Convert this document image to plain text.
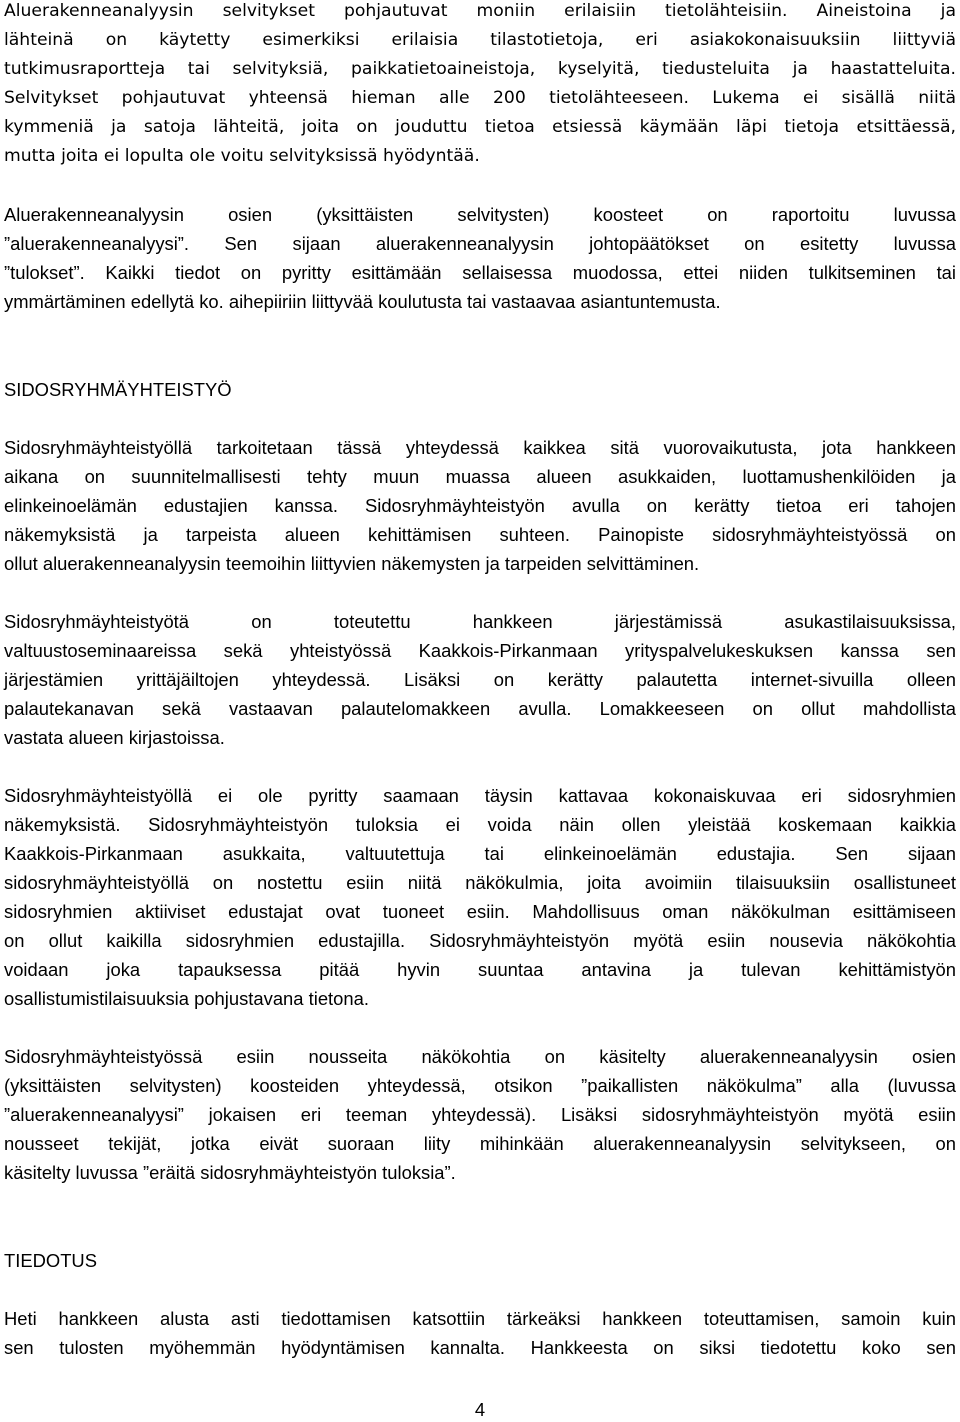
Aluerakenneanalyysin selvitykset pohjautuvat moniin erilaisiin tietolähteisiin. Aineistoina ja
lähteinä on käytetty esimerkiksi erilaisia tilastotietoja, eri asiakokonaisuuksiin liittyviä
tutkimusraportteja tai selvityksiä, paikkatietoaineistoja, kyselyitä, tiedusteluita ja haastatteluita.
Selvitykset pohjautuvat yhteensä hieman alle 200 tietolähteeseen. Lukema ei sisällä niitä
kymmeniä ja satoja lähteitä, joita on jouduttu tietoa etsiessä käymään läpi tietoja etsittäessä,
mutta joita ei lopulta ole voitu selvityksissä hyödyntää.
Aluerakenneanalyysin osien (yksittäisten selvitysten) koosteet on raportoitu luvussa
”aluerakenneanalyysi”. Sen sijaan aluerakenneanalyysin johtopäätökset on esitetty luvussa
”tulokset”. Kaikki tiedot on pyritty esittämään sellaisessa muodossa, ettei niiden tulkitseminen tai
ymmärtäminen edellytä ko. aihepiiriin liittyvää koulutusta tai vastaavaa asiantuntemusta.
SIDOSRYHMÄYHTEISTYÖ
Sidosryhmäyhteistyöllä tarkoitetaan tässä yhteydessä kaikkea sitä vuorovaikutusta, jota hankkeen
aikana on suunnitelmallisesti tehty muun muassa alueen asukkaiden, luottamushenkilöiden ja
elinkeinoelämän edustajien kanssa. Sidosryhmäyhteistyön avulla on kerätty tietoa eri tahojen
näkemyksistä ja tarpeista alueen kehittämisen suhteen. Painopiste sidosryhmäyhteistyössä on
ollut aluerakenneanalyysin teemoihin liittyvien näkemysten ja tarpeiden selvittäminen.
Sidosryhmäyhteistyötä on toteutettu hankkeen järjestämissä asukastilaisuuksissa,
valtuustoseminaareissa sekä yhteistyössä Kaakkois-Pirkanmaan yrityspalvelukeskuksen kanssa sen
järjestämien yrittäjäiltojen yhteydessä. Lisäksi on kerätty palautetta internet-sivuilla olleen
palautekanavan sekä vastaavan palautelomakkeen avulla. Lomakkeeseen on ollut mahdollista
vastata alueen kirjastoissa.
Sidosryhmäyhteistyöllä ei ole pyritty saamaan täysin kattavaa kokonaiskuvaa eri sidosryhmien
näkemyksistä. Sidosryhmäyhteistyön tuloksia ei voida näin ollen yleistää koskemaan kaikkia
Kaakkois-Pirkanmaan asukkaita, valtuutettuja tai elinkeinoelämän edustajia. Sen sijaan
sidosryhmäyhteistyöllä on nostettu esiin niitä näkökulmia, joita avoimiin tilaisuuksiin osallistuneet
sidosryhmien aktiiviset edustajat ovat tuoneet esiin. Mahdollisuus oman näkökulman esittämiseen
on ollut kaikilla sidosryhmien edustajilla. Sidosryhmäyhteistyön myötä esiin nousevia näkökohtia
voidaan joka tapauksessa pitää hyvin suuntaa antavina ja tulevan kehittämistyön
osallistumistilaisuuksia pohjustavana tietona.
Sidosryhmäyhteistyössä esiin nousseita näkökohtia on käsitelty aluerakenneanalyysin osien
(yksittäisten selvitysten) koosteiden yhteydessä, otsikon ”paikallisten näkökulma” alla (luvussa
”aluerakenneanalyysi” jokaisen eri teeman yhteydessä). Lisäksi sidosryhmäyhteistyön myötä esiin
nousseet tekijät, jotka eivät suoraan liity mihinkään aluerakenneanalyysin selvitykseen, on
käsitelty luvussa ”eräitä sidosryhmäyhteistyön tuloksia”.
TIEDOTUS
Heti hankkeen alusta asti tiedottamisen katsottiin tärkeäksi hankkeen toteuttamisen, samoin kuin
sen tulosten myöhemmän hyödyntämisen kannalta. Hankkeesta on siksi tiedotettu koko sen
4
